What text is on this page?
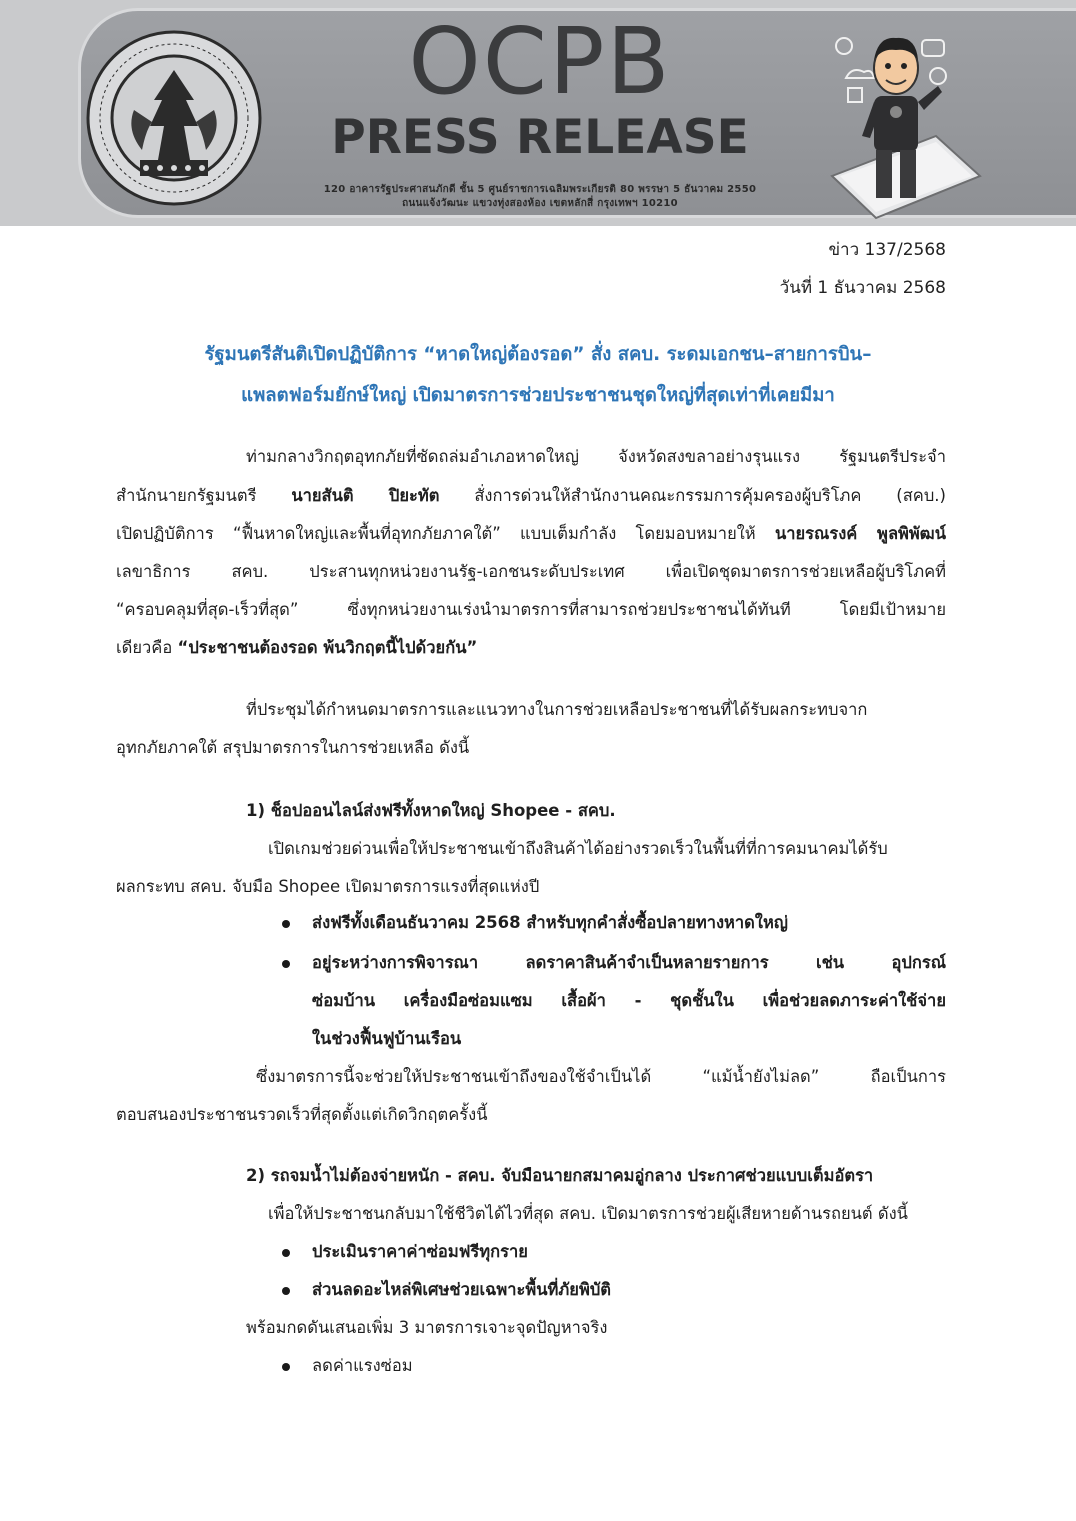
OCPB
PRESS RELEASE
120 อาคารรัฐประศาสนภักดี ชั้น 5 ศูนย์ราชการเฉลิมพระเกียรติ 80 พรรษา 5 ธันวาคม 2550
ถนนแจ้งวัฒนะ แขวงทุ่งสองห้อง เขตหลักสี่ กรุงเทพฯ 10210
ข่าว 137/2568
วันที่ 1 ธันวาคม 2568
รัฐมนตรีสันติเปิดปฏิบัติการ “หาดใหญ่ต้องรอด” สั่ง สคบ. ระดมเอกชน–สายการบิน–
แพลตฟอร์มยักษ์ใหญ่ เปิดมาตรการช่วยประชาชนชุดใหญ่ที่สุดเท่าที่เคยมีมา
ท่ามกลางวิกฤตอุทกภัยที่ซัดถล่มอำเภอหาดใหญ่ จังหวัดสงขลาอย่างรุนแรง รัฐมนตรีประจำ
สำนักนายกรัฐมนตรี นายสันติ ปิยะทัต สั่งการด่วนให้สำนักงานคณะกรรมการคุ้มครองผู้บริโภค (สคบ.)
เปิดปฏิบัติการ “ฟื้นหาดใหญ่และพื้นที่อุทกภัยภาคใต้” แบบเต็มกำลัง โดยมอบหมายให้ นายรณรงค์ พูลพิพัฒน์
เลขาธิการ สคบ. ประสานทุกหน่วยงานรัฐ-เอกชนระดับประเทศ เพื่อเปิดชุดมาตรการช่วยเหลือผู้บริโภคที่
“ครอบคลุมที่สุด-เร็วที่สุด” ซึ่งทุกหน่วยงานเร่งนำมาตรการที่สามารถช่วยประชาชนได้ทันที โดยมีเป้าหมาย
เดียวคือ “ประชาชนต้องรอด พ้นวิกฤตนี้ไปด้วยกัน”
ที่ประชุมได้กำหนดมาตรการและแนวทางในการช่วยเหลือประชาชนที่ได้รับผลกระทบจาก
อุทกภัยภาคใต้ สรุปมาตรการในการช่วยเหลือ ดังนี้
1) ช็อปออนไลน์ส่งฟรีทั้งหาดใหญ่ Shopee - สคบ.
เปิดเกมช่วยด่วนเพื่อให้ประชาชนเข้าถึงสินค้าได้อย่างรวดเร็วในพื้นที่ที่การคมนาคมได้รับ
ผลกระทบ สคบ. จับมือ Shopee เปิดมาตรการแรงที่สุดแห่งปี
ส่งฟรีทั้งเดือนธันวาคม 2568 สำหรับทุกคำสั่งซื้อปลายทางหาดใหญ่
อยู่ระหว่างการพิจารณา ลดราคาสินค้าจำเป็นหลายรายการ เช่น อุปกรณ์
ซ่อมบ้าน เครื่องมือซ่อมแซม เสื้อผ้า - ชุดชั้นใน เพื่อช่วยลดภาระค่าใช้จ่าย
ในช่วงฟื้นฟูบ้านเรือน
ซึ่งมาตรการนี้จะช่วยให้ประชาชนเข้าถึงของใช้จำเป็นได้ “แม้น้ำยังไม่ลด” ถือเป็นการ
ตอบสนองประชาชนรวดเร็วที่สุดตั้งแต่เกิดวิกฤตครั้งนี้
2) รถจมน้ำไม่ต้องจ่ายหนัก - สคบ. จับมือนายกสมาคมอู่กลาง ประกาศช่วยแบบเต็มอัตรา
เพื่อให้ประชาชนกลับมาใช้ชีวิตได้ไวที่สุด สคบ. เปิดมาตรการช่วยผู้เสียหายด้านรถยนต์ ดังนี้
ประเมินราคาค่าซ่อมฟรีทุกราย
ส่วนลดอะไหล่พิเศษช่วยเฉพาะพื้นที่ภัยพิบัติ
พร้อมกดดันเสนอเพิ่ม 3 มาตรการเจาะจุดปัญหาจริง
ลดค่าแรงซ่อม
